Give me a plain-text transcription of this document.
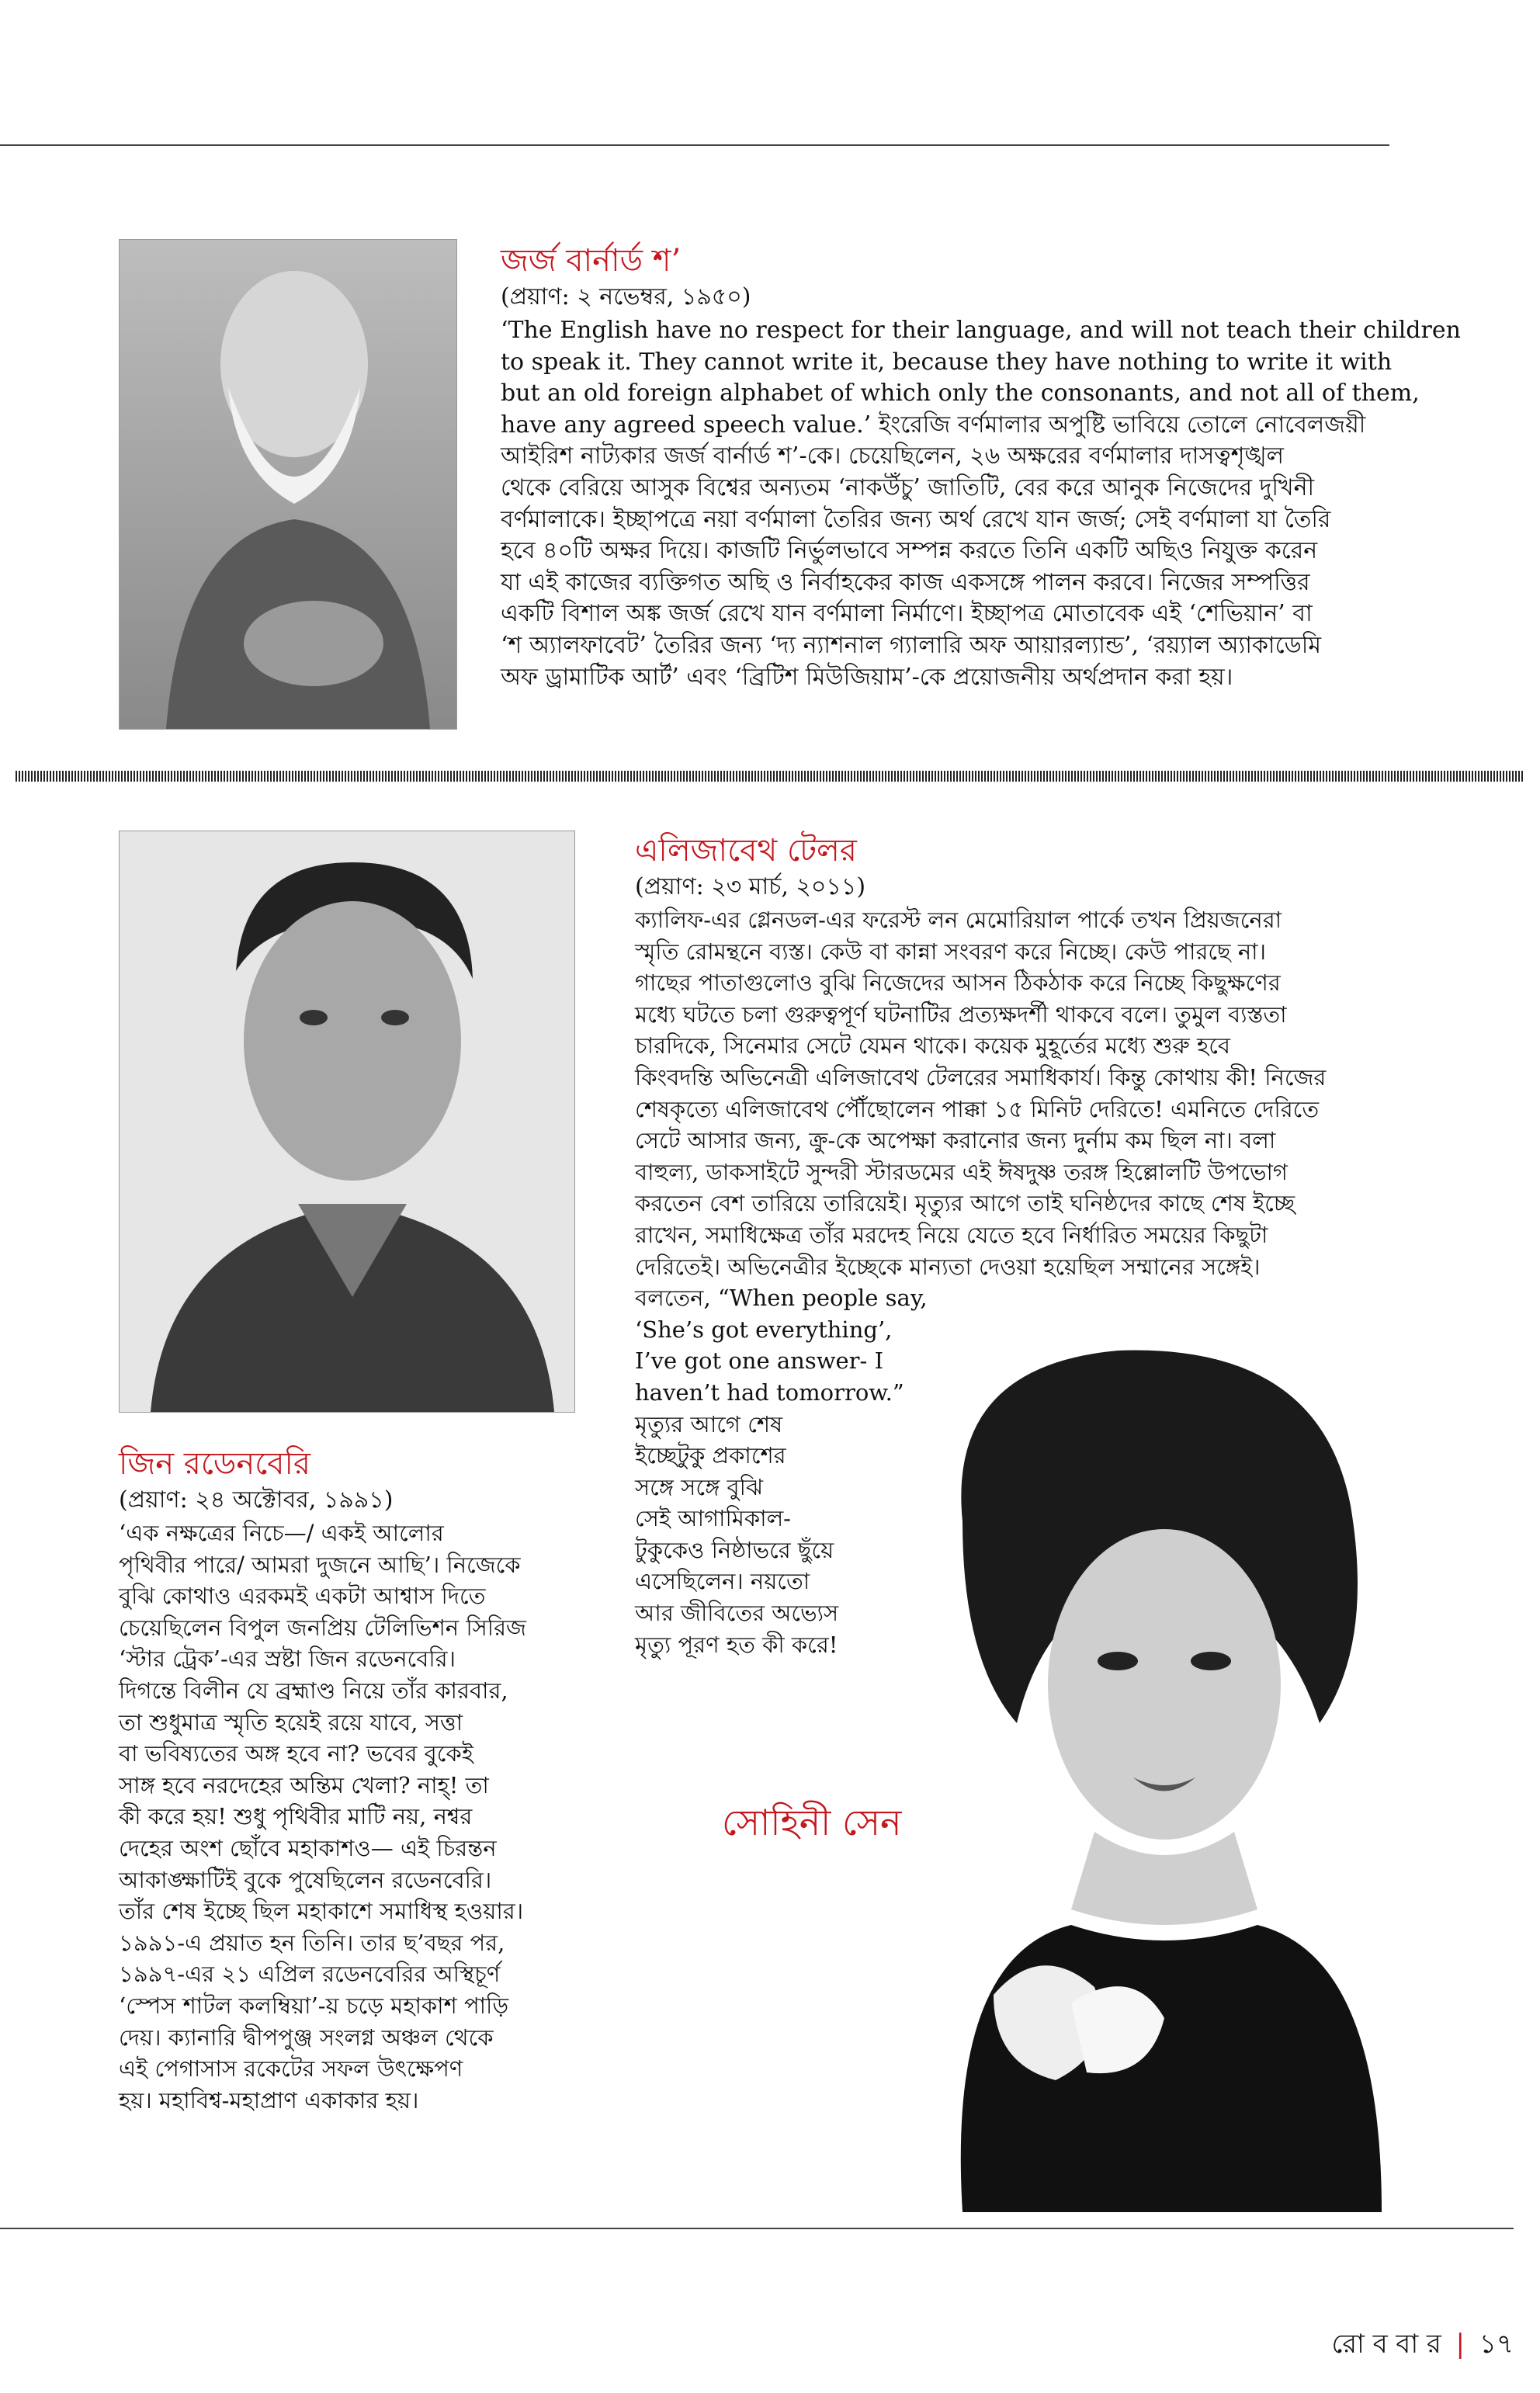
জর্জ বার্নার্ড শ’
(প্রয়াণ: ২ নভেম্বর, ১৯৫০)
‘The English have no respect for their language, and will not teach their children
to speak it. They cannot write it, because they have nothing to write it with
but an old foreign alphabet of which only the consonants, and not all of them,
have any agreed speech value.’ ইংরেজি বর্ণমালার অপুষ্টি ভাবিয়ে তোলে নোবেলজয়ী
আইরিশ নাট্যকার জর্জ বার্নার্ড শ’-কে। চেয়েছিলেন, ২৬ অক্ষরের বর্ণমালার দাসত্বশৃঙ্খল
থেকে বেরিয়ে আসুক বিশ্বের অন্যতম ‘নাকউঁচু’ জাতিটি, বের করে আনুক নিজেদের দুখিনী
বর্ণমালাকে। ইচ্ছাপত্রে নয়া বর্ণমালা তৈরির জন্য অর্থ রেখে যান জর্জ; সেই বর্ণমালা যা তৈরি
হবে ৪০টি অক্ষর দিয়ে। কাজটি নির্ভুলভাবে সম্পন্ন করতে তিনি একটি অছিও নিযুক্ত করেন
যা এই কাজের ব্যক্তিগত অছি ও নির্বাহকের কাজ একসঙ্গে পালন করবে। নিজের সম্পত্তির
একটি বিশাল অঙ্ক জর্জ রেখে যান বর্ণমালা নির্মাণে। ইচ্ছাপত্র মোতাবেক এই ‘শেভিয়ান’ বা
‘শ অ্যালফাবেট’ তৈরির জন্য ‘দ্য ন্যাশনাল গ্যালারি অফ আয়ারল্যান্ড’, ‘রয়্যাল অ্যাকাডেমি
অফ ড্রামাটিক আর্ট’ এবং ‘ব্রিটিশ মিউজিয়াম’-কে প্রয়োজনীয় অর্থপ্রদান করা হয়।
এলিজাবেথ টেলর
(প্রয়াণ: ২৩ মার্চ, ২০১১)
ক্যালিফ-এর গ্লেনডল-এর ফরেস্ট লন মেমোরিয়াল পার্কে তখন প্রিয়জনেরা
স্মৃতি রোমন্থনে ব্যস্ত। কেউ বা কান্না সংবরণ করে নিচ্ছে। কেউ পারছে না।
গাছের পাতাগুলোও বুঝি নিজেদের আসন ঠিকঠাক করে নিচ্ছে কিছুক্ষণের
মধ্যে ঘটতে চলা গুরুত্বপূর্ণ ঘটনাটির প্রত্যক্ষদর্শী থাকবে বলে। তুমুল ব্যস্ততা
চারদিকে, সিনেমার সেটে যেমন থাকে। কয়েক মুহূর্তের মধ্যে শুরু হবে
কিংবদন্তি অভিনেত্রী এলিজাবেথ টেলরের সমাধিকার্য। কিন্তু কোথায় কী! নিজের
শেষকৃত্যে এলিজাবেথ পৌঁছোলেন পাক্কা ১৫ মিনিট দেরিতে! এমনিতে দেরিতে
সেটে আসার জন্য, ক্রু-কে অপেক্ষা করানোর জন্য দুর্নাম কম ছিল না। বলা
বাহুল্য, ডাকসাইটে সুন্দরী স্টারডমের এই ঈষদুষ্ণ তরঙ্গ হিল্লোলটি উপভোগ
করতেন বেশ তারিয়ে তারিয়েই। মৃত্যুর আগে তাই ঘনিষ্ঠদের কাছে শেষ ইচ্ছে
রাখেন, সমাধিক্ষেত্র তাঁর মরদেহ নিয়ে যেতে হবে নির্ধারিত সময়ের কিছুটা
দেরিতেই। অভিনেত্রীর ইচ্ছেকে মান্যতা দেওয়া হয়েছিল সম্মানের সঙ্গেই।
বলতেন, “When people say,
‘She’s got everything’,
I’ve got one answer- I
haven’t had tomorrow.”
মৃত্যুর আগে শেষ
ইচ্ছেটুকু প্রকাশের
সঙ্গে সঙ্গে বুঝি
সেই আগামিকাল-
টুকুকেও নিষ্ঠাভরে ছুঁয়ে
এসেছিলেন। নয়তো
আর জীবিতের অভ্যেস
মৃত্যু পূরণ হত কী করে!
জিন রডেনবেরি
(প্রয়াণ: ২৪ অক্টোবর, ১৯৯১)
‘এক নক্ষত্রের নিচে—/ একই আলোর
পৃথিবীর পারে/ আমরা দুজনে আছি’। নিজেকে
বুঝি কোথাও এরকমই একটা আশ্বাস দিতে
চেয়েছিলেন বিপুল জনপ্রিয় টেলিভিশন সিরিজ
‘স্টার ট্রেক’-এর স্রষ্টা জিন রডেনবেরি।
দিগন্তে বিলীন যে ব্রহ্মাণ্ড নিয়ে তাঁর কারবার,
তা শুধুমাত্র স্মৃতি হয়েই রয়ে যাবে, সত্তা
বা ভবিষ্যতের অঙ্গ হবে না? ভবের বুকেই
সাঙ্গ হবে নরদেহের অন্তিম খেলা? নাহ্! তা
কী করে হয়! শুধু পৃথিবীর মাটি নয়, নশ্বর
দেহের অংশ ছোঁবে মহাকাশও— এই চিরন্তন
আকাঙ্ক্ষাটিই বুকে পুষেছিলেন রডেনবেরি।
তাঁর শেষ ইচ্ছে ছিল মহাকাশে সমাধিস্থ হওয়ার।
১৯৯১-এ প্রয়াত হন তিনি। তার ছ’বছর পর,
১৯৯৭-এর ২১ এপ্রিল রডেনবেরির অস্থিচূর্ণ
‘স্পেস শাটল কলম্বিয়া’-য় চড়ে মহাকাশ পাড়ি
দেয়। ক্যানারি দ্বীপপুঞ্জ সংলগ্ন অঞ্চল থেকে
এই পেগাসাস রকেটের সফল উৎক্ষেপণ
হয়। মহাবিশ্ব-মহাপ্রাণ একাকার হয়।
সোহিনী সেন
রো ব বা র | ১৭
